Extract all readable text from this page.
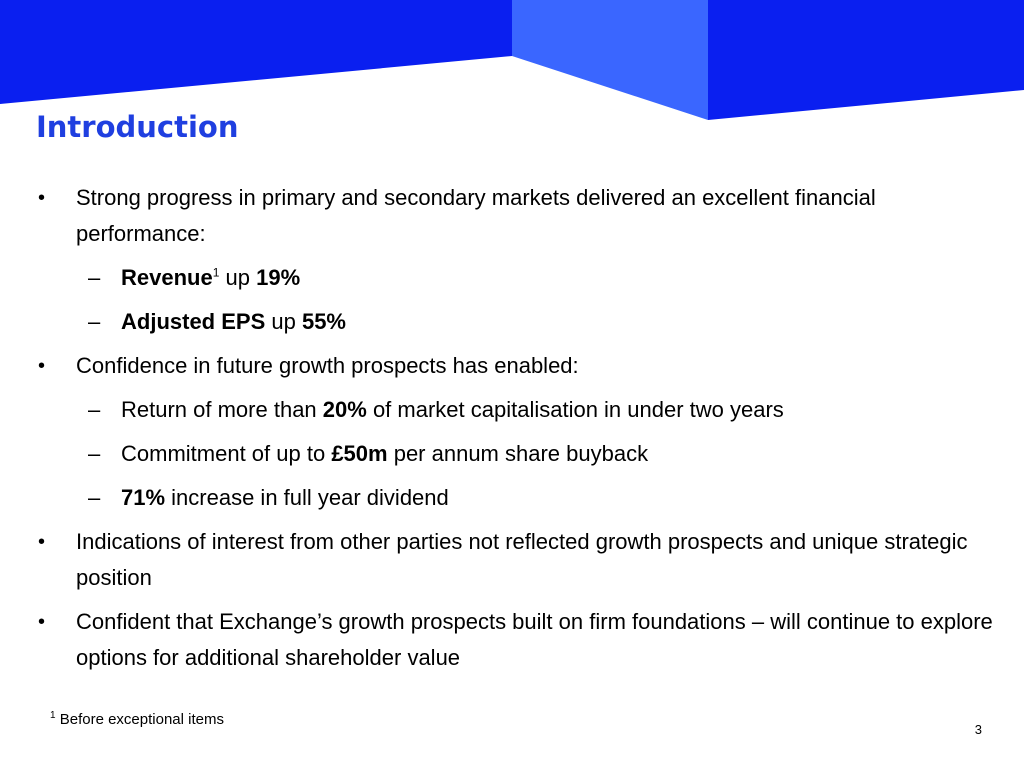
Introduction
• Strong progress in primary and secondary markets delivered an excellent financial performance:
– Revenue$^1$ up 19%
– Adjusted EPS up 55%
• Confidence in future growth prospects has enabled:
– Return of more than 20% of market capitalisation in under two years
– Commitment of up to £50m per annum share buyback
– 71% increase in full year dividend
• Indications of interest from other parties not reflected growth prospects and unique strategic position
• Confident that Exchange’s growth prospects built on firm foundations – will continue to explore options for additional shareholder value
$^1$ Before exceptional items
3
